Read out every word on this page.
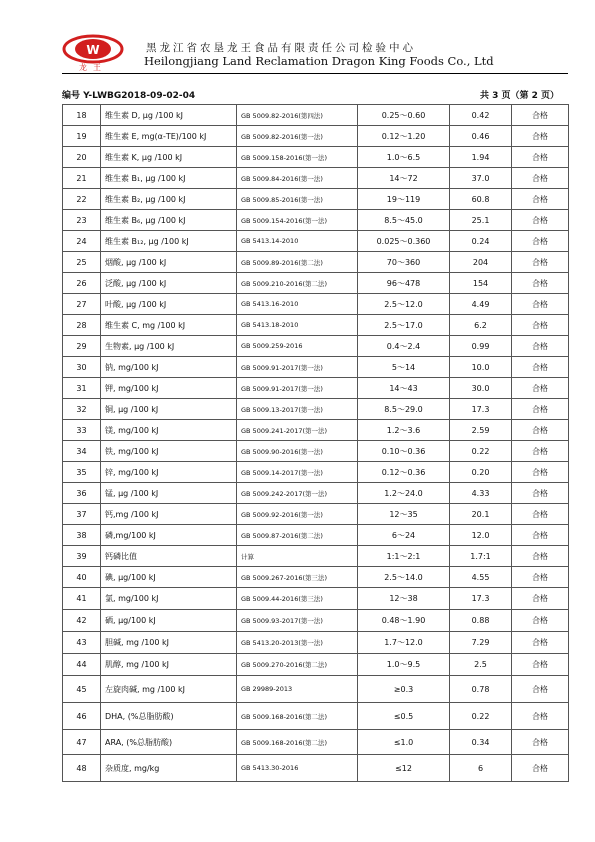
W
龙王
黑龙江省农垦龙王食品有限责任公司检验中心
Heilongjiang Land Reclamation Dragon King Foods Co., Ltd
编号 Y-LWBG2018-09-02-04	共 3 页（第 2 页）
18	维生素 D, μg /100 kJ	GB 5009.82-2016(第四法)	0.25～0.60	0.42	合格
19	维生素 E, mg(α-TE)/100 kJ	GB 5009.82-2016(第一法)	0.12～1.20	0.46	合格
20	维生素 K, μg /100 kJ	GB 5009.158-2016(第一法)	1.0～6.5	1.94	合格
21	维生素 B₁, μg /100 kJ	GB 5009.84-2016(第一法)	14～72	37.0	合格
22	维生素 B₂, μg /100 kJ	GB 5009.85-2016(第一法)	19～119	60.8	合格
23	维生素 B₆, μg /100 kJ	GB 5009.154-2016(第一法)	8.5～45.0	25.1	合格
24	维生素 B₁₂, μg /100 kJ	GB 5413.14-2010	0.025～0.360	0.24	合格
25	烟酸, μg /100 kJ	GB 5009.89-2016(第二法)	70～360	204	合格
26	泛酸, μg /100 kJ	GB 5009.210-2016(第二法)	96～478	154	合格
27	叶酸, μg /100 kJ	GB 5413.16-2010	2.5～12.0	4.49	合格
28	维生素 C, mg /100 kJ	GB 5413.18-2010	2.5～17.0	6.2	合格
29	生物素, μg /100 kJ	GB 5009.259-2016	0.4～2.4	0.99	合格
30	钠, mg/100 kJ	GB 5009.91-2017(第一法)	5～14	10.0	合格
31	钾, mg/100 kJ	GB 5009.91-2017(第一法)	14～43	30.0	合格
32	铜, μg /100 kJ	GB 5009.13-2017(第一法)	8.5～29.0	17.3	合格
33	镁, mg/100 kJ	GB 5009.241-2017(第一法)	1.2～3.6	2.59	合格
34	铁, mg/100 kJ	GB 5009.90-2016(第一法)	0.10～0.36	0.22	合格
35	锌, mg/100 kJ	GB 5009.14-2017(第一法)	0.12～0.36	0.20	合格
36	锰, μg /100 kJ	GB 5009.242-2017(第一法)	1.2～24.0	4.33	合格
37	钙,mg /100 kJ	GB 5009.92-2016(第一法)	12～35	20.1	合格
38	磷,mg/100 kJ	GB 5009.87-2016(第二法)	6～24	12.0	合格
39	钙磷比值	计算	1:1～2:1	1.7:1	合格
40	碘, μg/100 kJ	GB 5009.267-2016(第三法)	2.5～14.0	4.55	合格
41	氯, mg/100 kJ	GB 5009.44-2016(第三法)	12～38	17.3	合格
42	硒, μg/100 kJ	GB 5009.93-2017(第一法)	0.48～1.90	0.88	合格
43	胆碱, mg /100 kJ	GB 5413.20-2013(第一法)	1.7～12.0	7.29	合格
44	肌醇, mg /100 kJ	GB 5009.270-2016(第二法)	1.0～9.5	2.5	合格
45	左旋肉碱, mg /100 kJ	GB 29989-2013	≥0.3	0.78	合格
46	DHA, (%总脂肪酸)	GB 5009.168-2016(第二法)	≤0.5	0.22	合格
47	ARA, (%总脂肪酸)	GB 5009.168-2016(第二法)	≤1.0	0.34	合格
48	杂质度, mg/kg	GB 5413.30-2016	≤12	6	合格
